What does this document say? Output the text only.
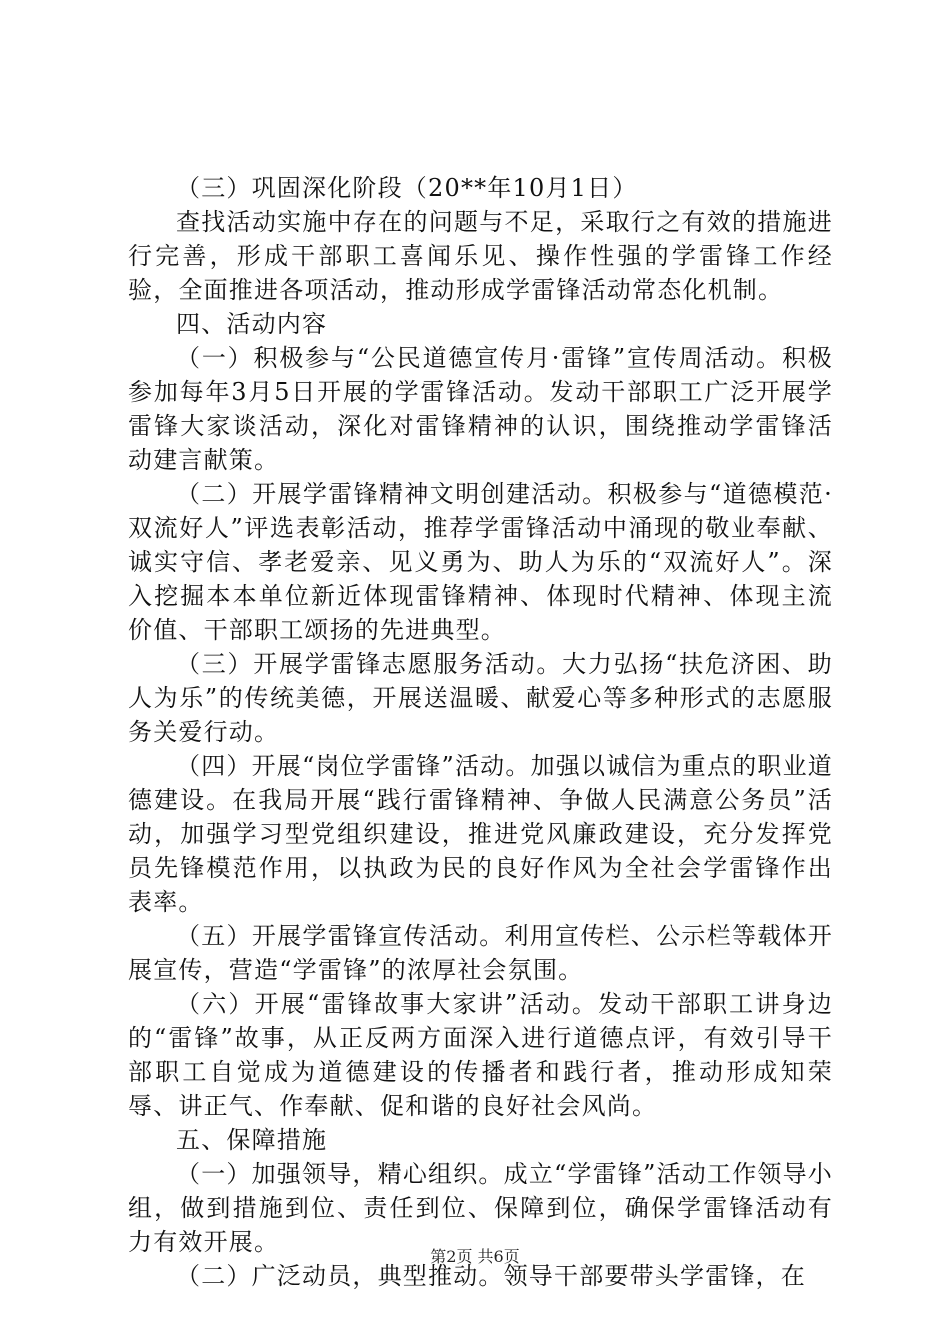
（三）巩固深化阶段（20**年10月1日）

查找活动实施中存在的问题与不足，采取行之有效的措施进行完善，形成干部职工喜闻乐见、操作性强的学雷锋工作经验，全面推进各项活动，推动形成学雷锋活动常态化机制。

四、活动内容

（一）积极参与“公民道德宣传月·雷锋”宣传周活动。积极参加每年3月5日开展的学雷锋活动。发动干部职工广泛开展学雷锋大家谈活动，深化对雷锋精神的认识，围绕推动学雷锋活动建言献策。

（二）开展学雷锋精神文明创建活动。积极参与“道德模范·双流好人”评选表彰活动，推荐学雷锋活动中涌现的敬业奉献、诚实守信、孝老爱亲、见义勇为、助人为乐的“双流好人”。深入挖掘本本单位新近体现雷锋精神、体现时代精神、体现主流价值、干部职工颂扬的先进典型。

（三）开展学雷锋志愿服务活动。大力弘扬“扶危济困、助人为乐”的传统美德，开展送温暖、献爱心等多种形式的志愿服务关爱行动。

（四）开展“岗位学雷锋”活动。加强以诚信为重点的职业道德建设。在我局开展“践行雷锋精神、争做人民满意公务员”活动，加强学习型党组织建设，推进党风廉政建设，充分发挥党员先锋模范作用，以执政为民的良好作风为全社会学雷锋作出表率。

（五）开展学雷锋宣传活动。利用宣传栏、公示栏等载体开展宣传，营造“学雷锋”的浓厚社会氛围。

（六）开展“雷锋故事大家讲”活动。发动干部职工讲身边的“雷锋”故事，从正反两方面深入进行道德点评，有效引导干部职工自觉成为道德建设的传播者和践行者，推动形成知荣辱、讲正气、作奉献、促和谐的良好社会风尚。

五、保障措施

（一）加强领导，精心组织。成立“学雷锋”活动工作领导小组，做到措施到位、责任到位、保障到位，确保学雷锋活动有力有效开展。

（二）广泛动员，典型推动。领导干部要带头学雷锋，在

第2页 共6页
